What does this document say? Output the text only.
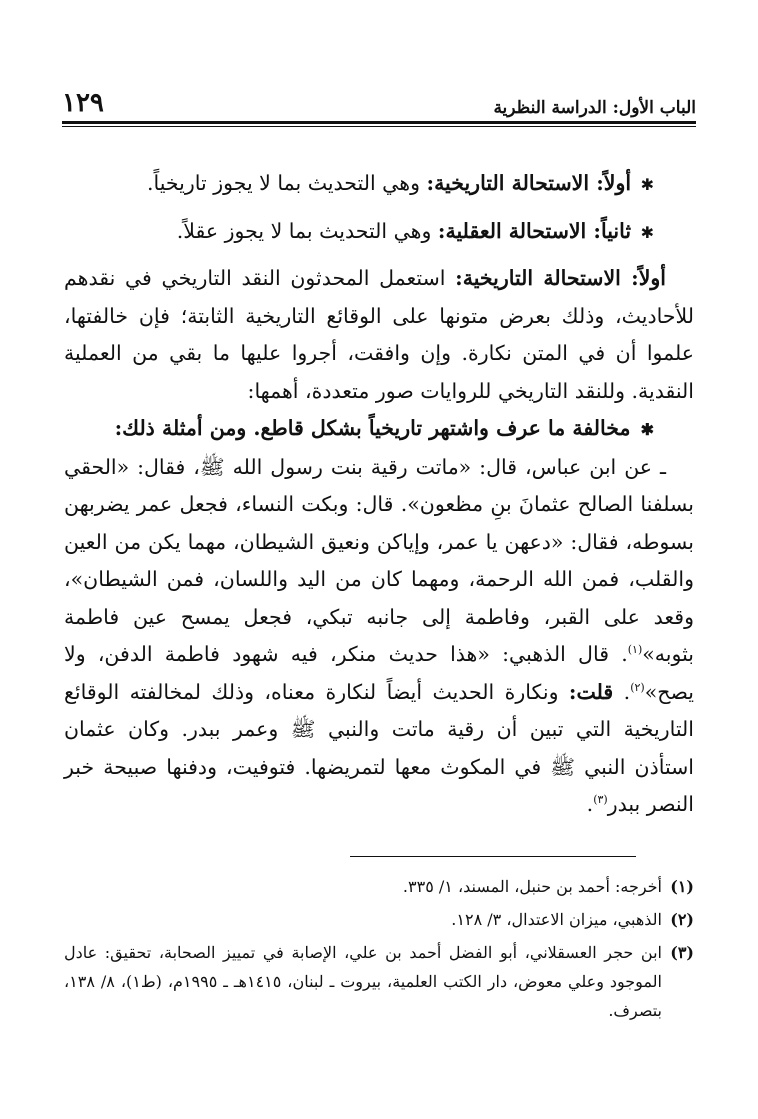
الباب الأول: الدراسة النظرية
١٢٩

✱ أولاً: الاستحالة التاريخية: وهي التحديث بما لا يجوز تاريخياً.

✱ ثانياً: الاستحالة العقلية: وهي التحديث بما لا يجوز عقلاً.

أولاً: الاستحالة التاريخية: استعمل المحدثون النقد التاريخي في نقدهم للأحاديث، وذلك بعرض متونها على الوقائع التاريخية الثابتة؛ فإن خالفتها، علموا أن في المتن نكارة. وإن وافقت، أجروا عليها ما بقي من العملية النقدية. وللنقد التاريخي للروايات صور متعددة، أهمها:

✱ مخالفة ما عرف واشتهر تاريخياً بشكل قاطع. ومن أمثلة ذلك:

ـ عن ابن عباس، قال: «ماتت رقية بنت رسول الله ﷺ، فقال: «الحقي بسلفنا الصالح عثمانَ بنِ مظعون». قال: وبكت النساء، فجعل عمر يضربهن بسوطه، فقال: «دعهن يا عمر، وإياكن ونعيق الشيطان، مهما يكن من العين والقلب، فمن الله الرحمة، ومهما كان من اليد واللسان، فمن الشيطان»، وقعد على القبر، وفاطمة إلى جانبه تبكي، فجعل يمسح عين فاطمة بثوبه»$^{(١)}$. قال الذهبي: «هذا حديث منكر، فيه شهود فاطمة الدفن، ولا يصح»$^{(٢)}$. قلت: ونكارة الحديث أيضاً لنكارة معناه، وذلك لمخالفته الوقائع التاريخية التي تبين أن رقية ماتت والنبي ﷺ وعمر ببدر. وكان عثمان استأذن النبي ﷺ في المكوث معها لتمريضها. فتوفيت، ودفنها صبيحة خبر النصر ببدر$^{(٣)}$.

(١)
أخرجه: أحمد بن حنبل، المسند، ١/ ٣٣٥.
(٢)
الذهبي، ميزان الاعتدال، ٣/ ١٢٨.
(٣)
ابن حجر العسقلاني، أبو الفضل أحمد بن علي، الإصابة في تمييز الصحابة، تحقيق: عادل الموجود وعلي معوض، دار الكتب العلمية، بيروت ـ لبنان، ١٤١٥هـ ـ ١٩٩٥م، (ط١)، ٨/ ١٣٨، بتصرف.
